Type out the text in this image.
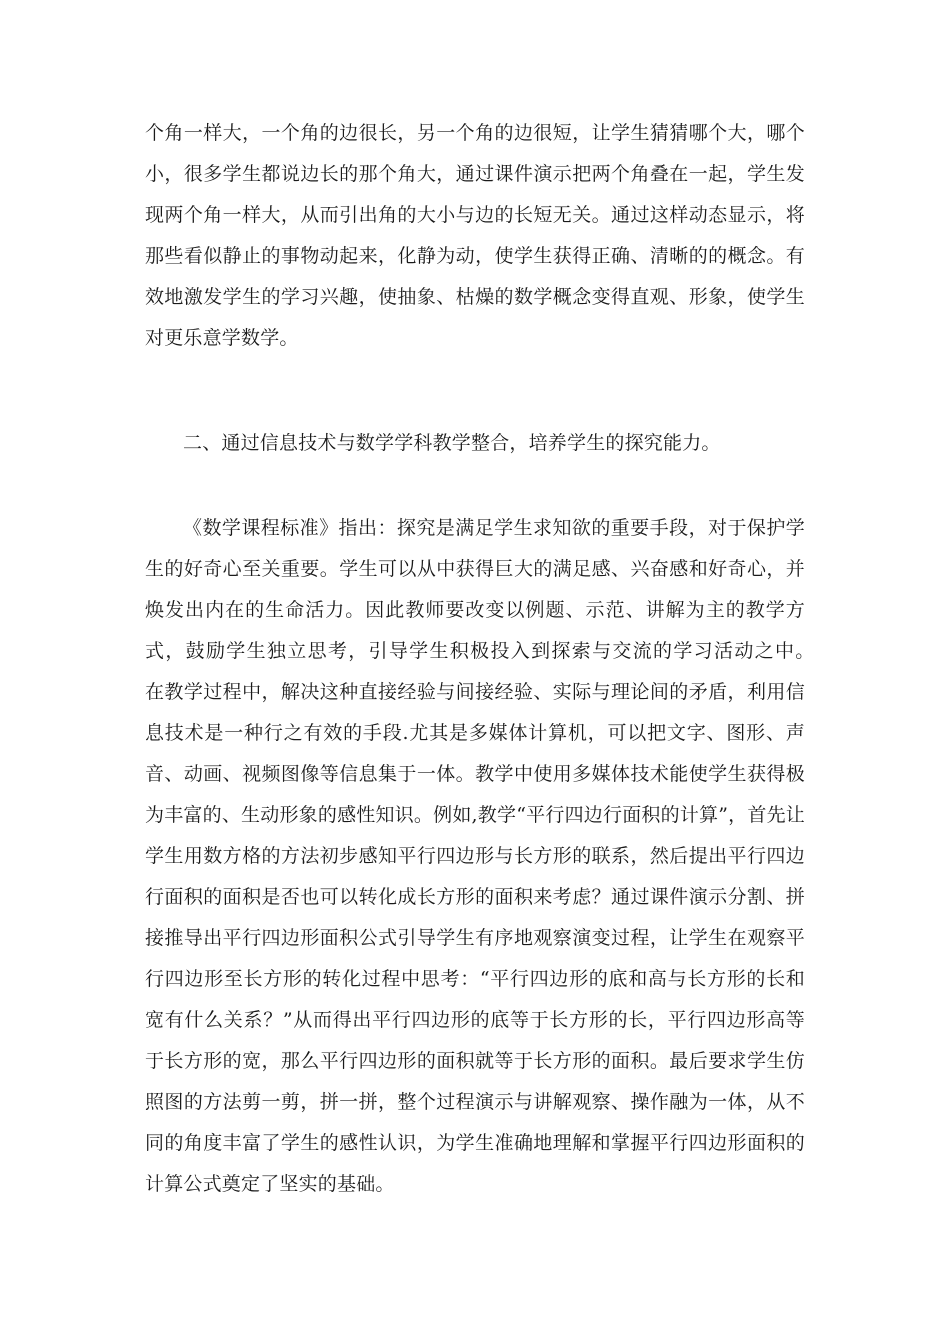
个角一样大，一个角的边很长，另一个角的边很短，让学生猜猜哪个大，哪个小，很多学生都说边长的那个角大，通过课件演示把两个角叠在一起，学生发现两个角一样大，从而引出角的大小与边的长短无关。通过这样动态显示，将那些看似静止的事物动起来，化静为动，使学生获得正确、清晰的的概念。有效地激发学生的学习兴趣，使抽象、枯燥的数学概念变得直观、形象，使学生对更乐意学数学。

二、通过信息技术与数学学科教学整合，培养学生的探究能力。

《数学课程标准》指出：探究是满足学生求知欲的重要手段，对于保护学生的好奇心至关重要。学生可以从中获得巨大的满足感、兴奋感和好奇心，并焕发出内在的生命活力。因此教师要改变以例题、示范、讲解为主的教学方式，鼓励学生独立思考，引导学生积极投入到探索与交流的学习活动之中。　 在教学过程中，解决这种直接经验与间接经验、实际与理论间的矛盾，利用信息技术是一种行之有效的手段.尤其是多媒体计算机，可以把文字、图形、声音、动画、视频图像等信息集于一体。教学中使用多媒体技术能使学生获得极为丰富的、生动形象的感性知识。例如,教学“平行四边行面积的计算”，首先让学生用数方格的方法初步感知平行四边形与长方形的联系，然后提出平行四边行面积的面积是否也可以转化成长方形的面积来考虑？通过课件演示分割、拼接推导出平行四边形面积公式引导学生有序地观察演变过程，让学生在观察平行四边形至长方形的转化过程中思考：“平行四边形的底和高与长方形的长和宽有什么关系？”从而得出平行四边形的底等于长方形的长，平行四边形高等于长方形的宽，那么平行四边形的面积就等于长方形的面积。最后要求学生仿照图的方法剪一剪，拼一拼，整个过程演示与讲解观察、操作融为一体，从不同的角度丰富了学生的感性认识，为学生准确地理解和掌握平行四边形面积的计算公式奠定了坚实的基础。
